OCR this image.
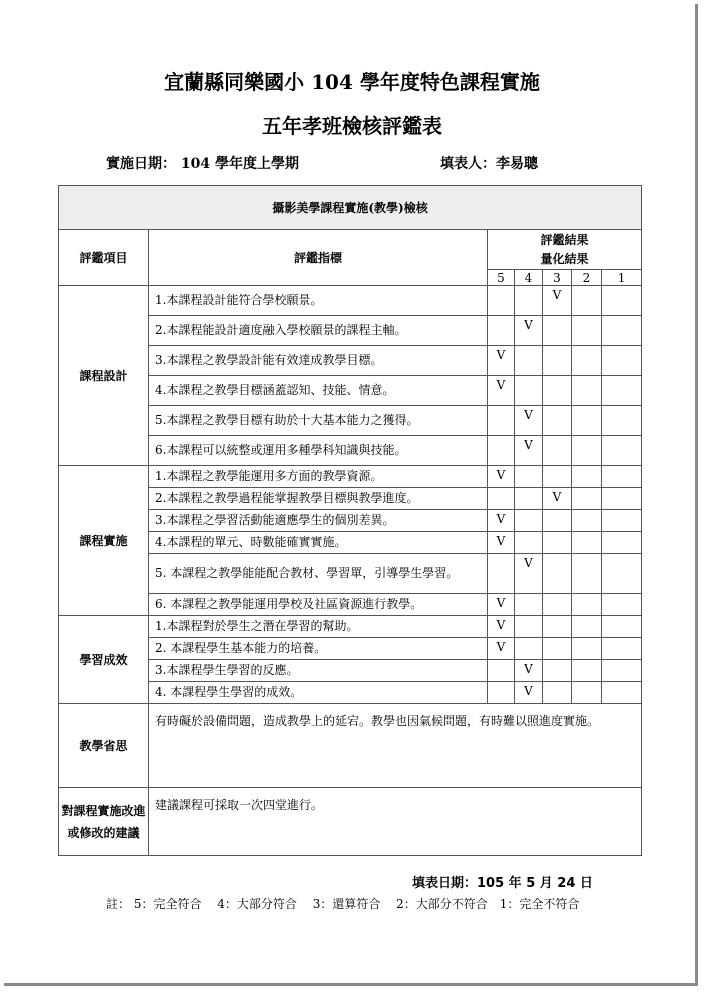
宜蘭縣同樂國小 104 學年度特色課程實施
五年孝班檢核評鑑表
實施日期： 104 學年度上學期	填表人：李易聰
攝影美學課程實施(教學)檢核						
評鑑項目	評鑑指標	評鑑結果
量化結果				

		5	4	3	2	1
課程設計	1.本課程設計能符合學校願景。			V		
	2.本課程能設計適度融入學校願景的課程主軸。		V			
	3.本課程之教學設計能有效達成教學目標。	V				
	4.本課程之教學目標涵蓋認知、技能、情意。	V				
	5.本課程之教學目標有助於十大基本能力之獲得。		V			
	6.本課程可以統整或運用多種學科知識與技能。		V			
課程實施	1.本課程之教學能運用多方面的教學資源。	V				
	2.本課程之教學過程能掌握教學目標與教學進度。			V		
	3.本課程之學習活動能適應學生的個別差異。	V				
	4.本課程的單元、時數能確實實施。	V				
	5. 本課程之教學能能配合教材、學習單，引導學生學習。		V			
	6. 本課程之教學能運用學校及社區資源進行教學。	V				
學習成效	1.本課程對於學生之潛在學習的幫助。	V				
	2. 本課程學生基本能力的培養。	V				
	3.本課程學生學習的反應。		V			
	4. 本課程學生學習的成效。		V			
教學省思	有時礙於設備問題，造成教學上的延宕。教學也因氣候問題，有時難以照進度實施。					
對課程實施改進或修改的建議	建議課程可採取一次四堂進行。					
填表日期：105 年 5 月 24 日
註： 5：完全符合　 4：大部分符合　 3：還算符合　 2：大部分不符合　1：完全不符合
